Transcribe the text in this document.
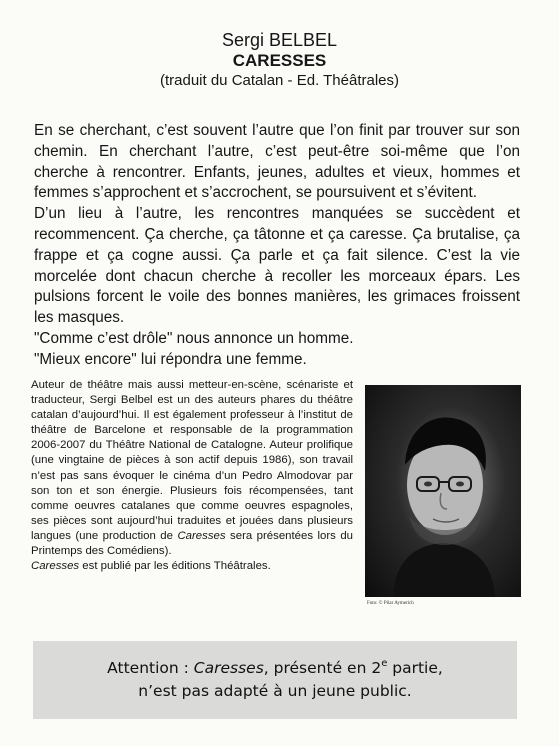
Sergi BELBEL
CARESSES
(traduit du Catalan - Ed. Théâtrales)

En se cherchant, c’est souvent l’autre que l’on finit par trouver sur son chemin. En cherchant l’autre, c’est peut-être soi-même que l’on cherche à rencontrer. Enfants, jeunes, adultes et vieux, hommes et femmes s’approchent et s’accrochent, se poursuivent et s’évitent.

D’un lieu à l’autre, les rencontres manquées se succèdent et recommencent. Ça cherche, ça tâtonne et ça caresse. Ça brutalise, ça frappe et ça cogne aussi. Ça parle et ça fait silence. C’est la vie morcelée dont chacun cherche à recoller les morceaux épars. Les pulsions forcent le voile des bonnes manières, les grimaces froissent les masques.

"Comme c’est drôle" nous annonce un homme.

"Mieux encore" lui répondra une femme.

Auteur de théâtre mais aussi metteur-en-scène, scénariste et traducteur, Sergi Belbel est un des auteurs phares du théâtre catalan d’aujourd’hui. Il est également professeur à l’institut de théâtre de Barcelone et responsable de la programmation 2006-2007 du Théâtre National de Catalogne. Auteur prolifique (une vingtaine de pièces à son actif depuis 1986), son travail n’est pas sans évoquer le cinéma d’un Pedro Almodovar par son ton et son énergie. Plusieurs fois récompensées, tant comme oeuvres catalanes que comme oeuvres espagnoles, ses pièces sont aujourd’hui traduites et jouées dans plusieurs langues (une production de Caresses sera présentées lors du Printemps des Comédiens).
Caresses est publié par les éditions Théâtrales.
Foto: © Pilar Aymerich
Attention : Caresses, présenté en 2e partie,
n’est pas adapté à un jeune public.
